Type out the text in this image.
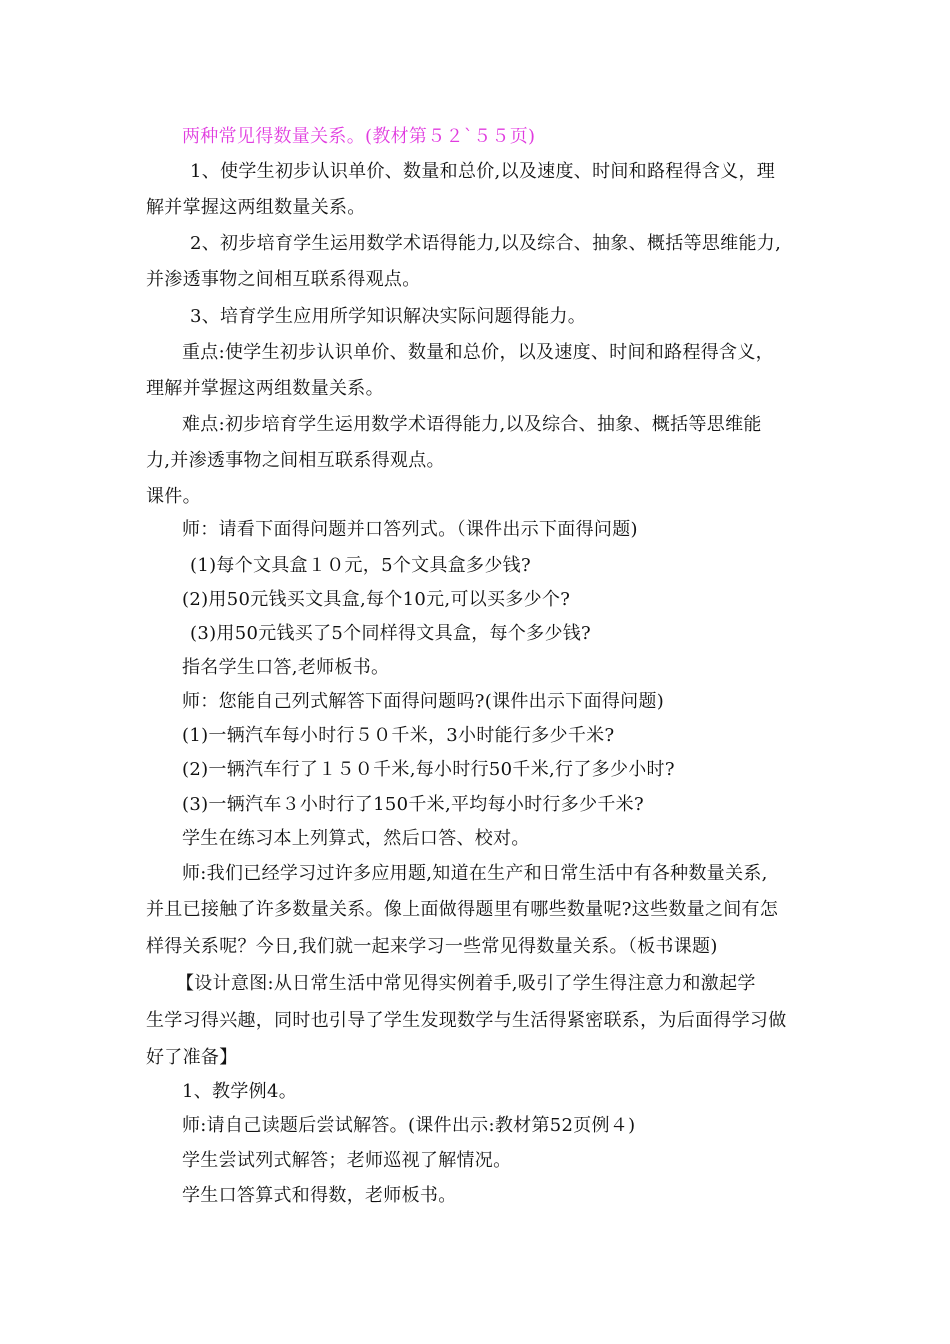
两种常见得数量关系。(教材第５２`５５页)
1、使学生初步认识单价、数量和总价,以及速度、时间和路程得含义，理
解并掌握这两组数量关系。
2、初步培育学生运用数学术语得能力,以及综合、抽象、概括等思维能力,
并渗透事物之间相互联系得观点。
3、培育学生应用所学知识解决实际问题得能力。
重点:使学生初步认识单价、数量和总价，以及速度、时间和路程得含义，
理解并掌握这两组数量关系。
难点:初步培育学生运用数学术语得能力,以及综合、抽象、概括等思维能
力,并渗透事物之间相互联系得观点。
课件。
师：请看下面得问题并口答列式。（课件出示下面得问题)
(1)每个文具盒１０元，5个文具盒多少钱?
(2)用50元钱买文具盒,每个10元,可以买多少个?
(3)用50元钱买了5个同样得文具盒，每个多少钱?
指名学生口答,老师板书。
师：您能自己列式解答下面得问题吗?(课件出示下面得问题)
(1)一辆汽车每小时行５０千米，3小时能行多少千米?
(2)一辆汽车行了１５０千米,每小时行50千米,行了多少小时?
(3)一辆汽车３小时行了150千米,平均每小时行多少千米?
学生在练习本上列算式，然后口答、校对。
师:我们已经学习过许多应用题,知道在生产和日常生活中有各种数量关系,
并且已接触了许多数量关系。像上面做得题里有哪些数量呢?这些数量之间有怎
样得关系呢？今日,我们就一起来学习一些常见得数量关系。（板书课题)
【设计意图:从日常生活中常见得实例着手,吸引了学生得注意力和激起学
生学习得兴趣，同时也引导了学生发现数学与生活得紧密联系，为后面得学习做
好了准备】
1、教学例4。
师:请自己读题后尝试解答。(课件出示:教材第52页例４)
学生尝试列式解答；老师巡视了解情况。
学生口答算式和得数，老师板书。
